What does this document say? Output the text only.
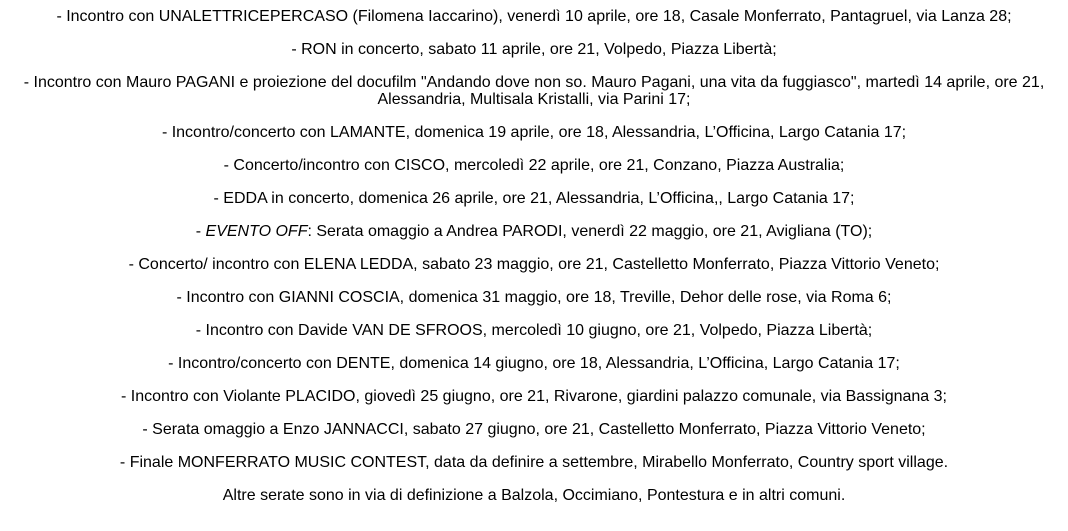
- Incontro con UNALETTRICEPERCASO (Filomena Iaccarino), venerdì 10 aprile, ore 18, Casale Monferrato, Pantagruel, via Lanza 28;

- RON in concerto, sabato 11 aprile, ore 21, Volpedo, Piazza Libertà;

- Incontro con Mauro PAGANI e proiezione del docufilm "Andando dove non so. Mauro Pagani, una vita da fuggiasco", martedì 14 aprile, ore 21, Alessandria, Multisala Kristalli, via Parini 17;

- Incontro/concerto con LAMANTE, domenica 19 aprile, ore 18, Alessandria, L’Officina, Largo Catania 17;

- Concerto/incontro con CISCO, mercoledì 22 aprile, ore 21, Conzano, Piazza Australia;

- EDDA in concerto, domenica 26 aprile, ore 21, Alessandria, L’Officina,, Largo Catania 17;

- EVENTO OFF: Serata omaggio a Andrea PARODI, venerdì 22 maggio, ore 21, Avigliana (TO);

- Concerto/ incontro con ELENA LEDDA, sabato 23 maggio, ore 21, Castelletto Monferrato, Piazza Vittorio Veneto;

- Incontro con GIANNI COSCIA, domenica 31 maggio, ore 18, Treville, Dehor delle rose, via Roma 6;

- Incontro con Davide VAN DE SFROOS, mercoledì 10 giugno, ore 21, Volpedo, Piazza Libertà;

- Incontro/concerto con DENTE, domenica 14 giugno, ore 18, Alessandria, L’Officina, Largo Catania 17;

- Incontro con Violante PLACIDO, giovedì 25 giugno, ore 21, Rivarone, giardini palazzo comunale, via Bassignana 3;

- Serata omaggio a Enzo JANNACCI, sabato 27 giugno, ore 21, Castelletto Monferrato, Piazza Vittorio Veneto;

- Finale MONFERRATO MUSIC CONTEST, data da definire a settembre, Mirabello Monferrato, Country sport village.

Altre serate sono in via di definizione a Balzola, Occimiano, Pontestura e in altri comuni.
